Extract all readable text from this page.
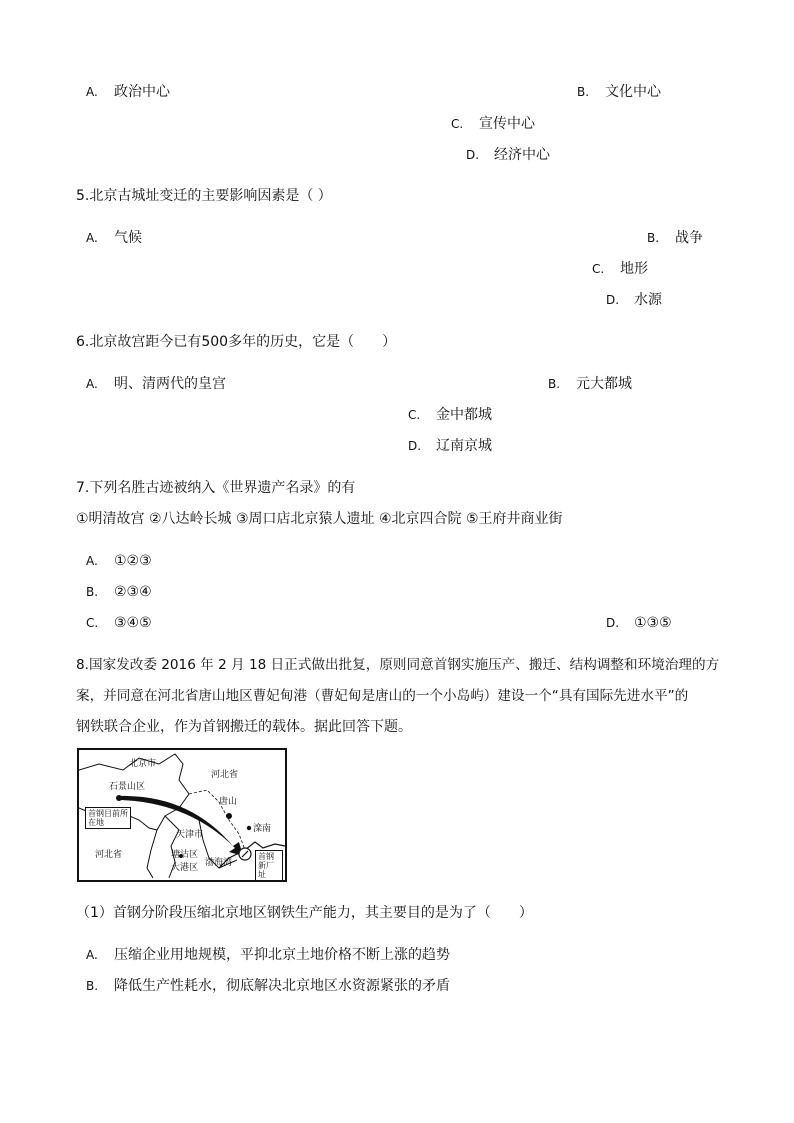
A. 政治中心	B. 文化中心
C. 宣传中心
D. 经济中心
5.北京古城址变迁的主要影响因素是（ ）
A. 气候	B. 战争
C. 地形
D. 水源
6.北京故宫距今已有500多年的历史，它是（　　）
A. 明、清两代的皇宫	B. 元大都城
C. 金中都城
D. 辽南京城
7.下列名胜古迹被纳入《世界遗产名录》的有
①明清故宫 ②八达岭长城 ③周口店北京猿人遗址 ④北京四合院 ⑤王府井商业街
A. ①②③
B. ②③④
C. ③④⑤	D. ①③⑤
8.国家发改委 2016 年 2 月 18 日正式做出批复，原则同意首钢实施压产、搬迁、结构调整和环境治理的方
案，并同意在河北省唐山地区曹妃甸港（曹妃甸是唐山的一个小岛屿）建设一个“具有国际先进水平”的
钢铁联合企业，作为首钢搬迁的载体。据此回答下题。
北京市
石景山区
首钢目前所在地
河北省
唐山
天津市
滦南
河北省	塘沽区
大港区 渤海湾
首钢新厂址
（1）首钢分阶段压缩北京地区钢铁生产能力，其主要目的是为了（　　）
A. 压缩企业用地规模，平抑北京土地价格不断上涨的趋势
B. 降低生产性耗水，彻底解决北京地区水资源紧张的矛盾
